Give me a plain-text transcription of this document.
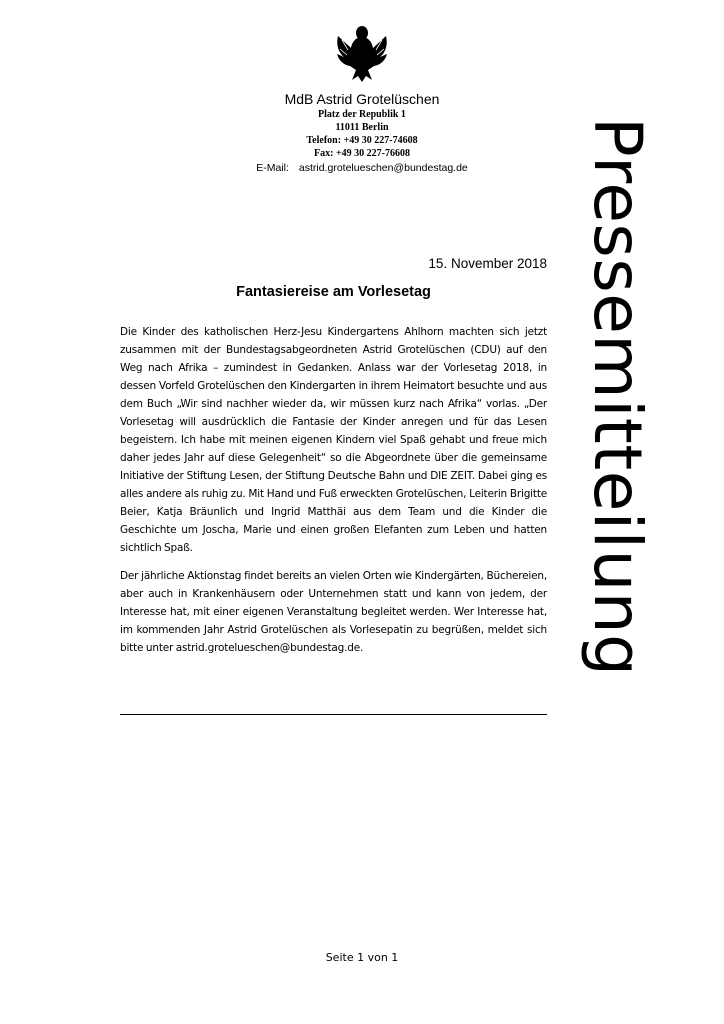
MdB Astrid Grotelüschen
Platz der Republik 1
11011 Berlin
Telefon: +49 30 227-74608
Fax: +49 30 227-76608
E-Mail: astrid.grotelueschen@bundestag.de	Pressemitteilung
15. November 2018
Fantasiereise am Vorlesetag

Die Kinder des katholischen Herz-Jesu Kindergartens Ahlhorn machten sich jetzt zusammen mit der Bundestagsabgeordneten Astrid Grotelüschen (CDU) auf den Weg nach Afrika – zumindest in Gedanken. Anlass war der Vorlesetag 2018, in dessen Vorfeld Grotelüschen den Kindergarten in ihrem Heimatort besuchte und aus dem Buch „Wir sind nachher wieder da, wir müssen kurz nach Afrika“ vorlas. „Der Vorlesetag will ausdrücklich die Fantasie der Kinder anregen und für das Lesen begeistern. Ich habe mit meinen eigenen Kindern viel Spaß gehabt und freue mich daher jedes Jahr auf diese Gelegenheit“ so die Abgeordnete über die gemeinsame Initiative der Stiftung Lesen, der Stiftung Deutsche Bahn und DIE ZEIT. Dabei ging es alles andere als ruhig zu. Mit Hand und Fuß erweckten Grotelüschen, Leiterin Brigitte Beier, Katja Bräunlich und Ingrid Matthäi aus dem Team und die Kinder die Geschichte um Joscha, Marie und einen großen Elefanten zum Leben und hatten sichtlich Spaß.

Der jährliche Aktionstag findet bereits an vielen Orten wie Kindergärten, Büchereien, aber auch in Krankenhäusern oder Unternehmen statt und kann von jedem, der Interesse hat, mit einer eigenen Veranstaltung begleitet werden. Wer Interesse hat, im kommenden Jahr Astrid Grotelüschen als Vorlesepatin zu begrüßen, meldet sich bitte unter astrid.grotelueschen@bundestag.de.

Seite 1 von 1
